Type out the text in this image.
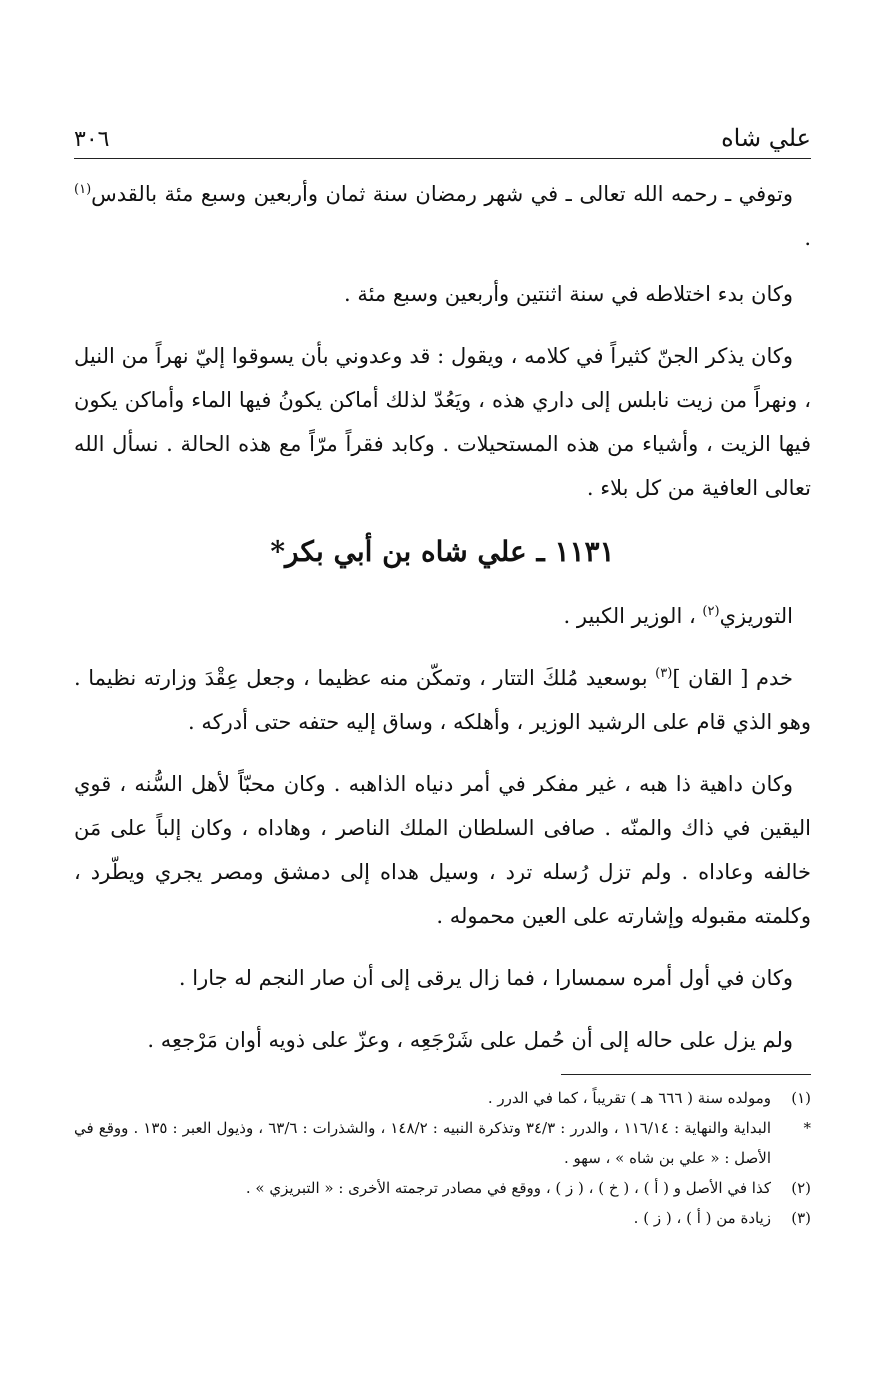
علي شاه
٣٠٦

وتوفي ـ رحمه الله تعالى ـ في شهر رمضان سنة ثمان وأربعين وسبع مئة بالقدس$^{(١)}$ .

وكان بدء اختلاطه في سنة اثنتين وأربعين وسبع مئة .

وكان يذكر الجنّ كثيراً في كلامه ، ويقول : قد وعدوني بأن يسوقوا إليّ نهراً من النيل ، ونهراً من زيت نابلس إلى داري هذه ، ويَعُدّ لذلك أماكن يكونُ فيها الماء وأماكن يكون فيها الزيت ، وأشياء من هذه المستحيلات . وكابد فقراً مرّاً مع هذه الحالة . نسأل الله تعالى العافية من كل بلاء .

١١٣١ ـ علي شاه بن أبي بكر*

التوريزي$^{(٢)}$ ، الوزير الكبير .

خدم [ القان ]$^{(٣)}$ بوسعيد مُلكَ التتار ، وتمكّن منه عظيما ، وجعل عِقْدَ وزارته نظيما . وهو الذي قام على الرشيد الوزير ، وأهلكه ، وساق إليه حتفه حتى أدركه .

وكان داهية ذا هبه ، غير مفكر في أمر دنياه الذاهبه . وكان محبّاً لأهل السُّنه ، قوي اليقين في ذاك والمنّه . صافى السلطان الملك الناصر ، وهاداه ، وكان إلباً على مَن خالفه وعاداه . ولم تزل رُسله ترد ، وسيل هداه إلى دمشق ومصر يجري ويطّرد ، وكلمته مقبوله وإشارته على العين محموله .

وكان في أول أمره سمسارا ، فما زال يرقى إلى أن صار النجم له جارا .

ولم يزل على حاله إلى أن حُمل على شَرْجَعِه ، وعزّ على ذويه أوان مَرْجعِه .

(١)
ومولده سنة ( ٦٦٦ هـ ) تقريباً ، كما في الدرر .
*
البداية والنهاية : ١١٦/١٤ ، والدرر : ٣٤/٣ وتذكرة النبيه : ١٤٨/٢ ، والشذرات : ٦٣/٦ ، وذيول العبر : ١٣٥ . ووقع في الأصل : « علي بن شاه » ، سهو .
(٢)
كذا في الأصل و ( أ ) ، ( خ ) ، ( ز ) ، ووقع في مصادر ترجمته الأخرى : « التبريزي » .
(٣)
زيادة من ( أ ) ، ( ز ) .
